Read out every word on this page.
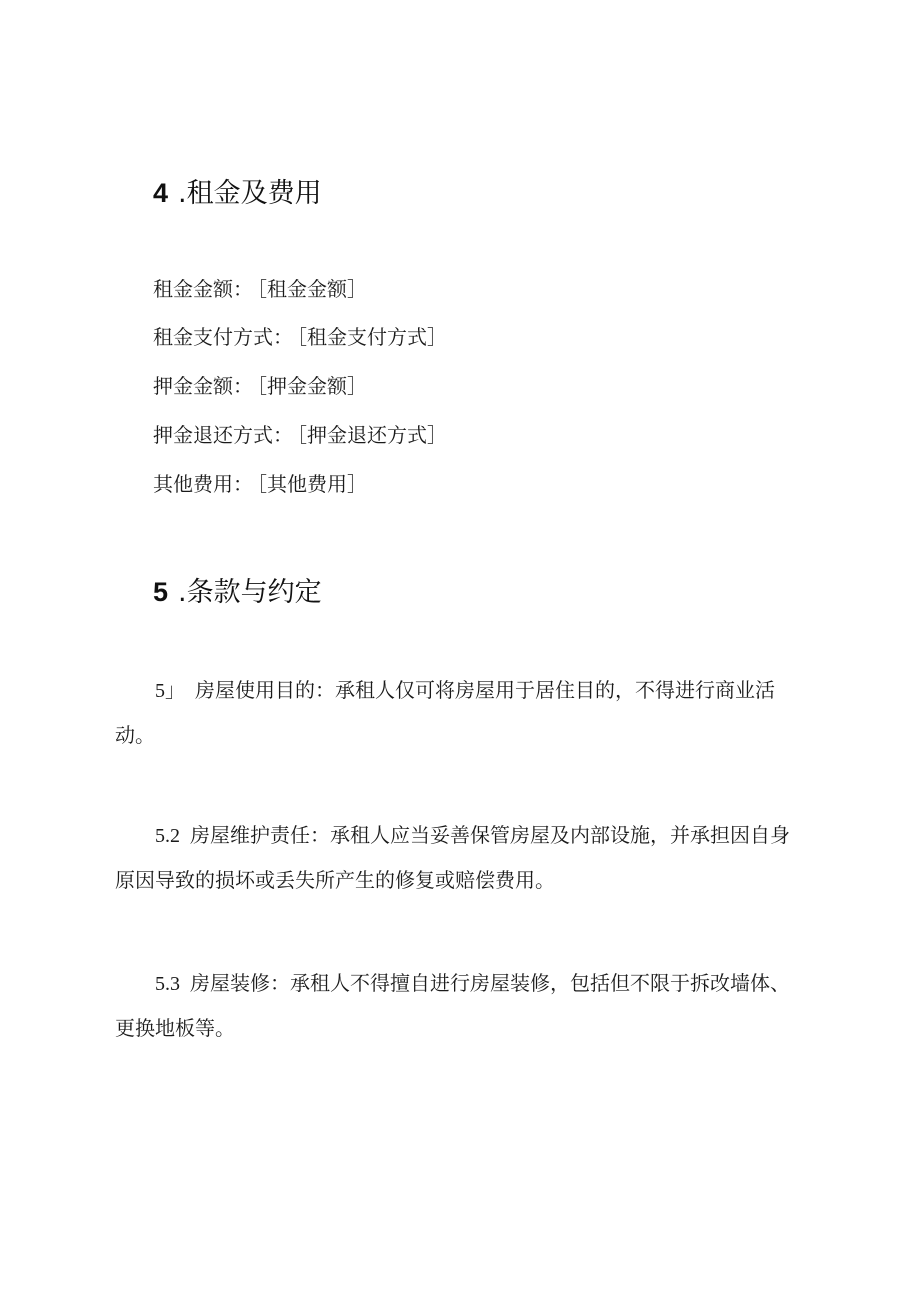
4 .租金及费用
租金金额： ［租金金额］
租金支付方式： ［租金支付方式］
押金金额： ［押金金额］
押金退还方式： ［押金退还方式］
其他费用： ［其他费用］
5 .条款与约定
5」 房屋使用目的：承租人仅可将房屋用于居住目的，不得进行商业活动。
5.2 房屋维护责任：承租人应当妥善保管房屋及内部设施，并承担因自身原因导致的损坏或丢失所产生的修复或赔偿费用。
5.3 房屋装修：承租人不得擅自进行房屋装修，包括但不限于拆改墙体、更换地板等。
